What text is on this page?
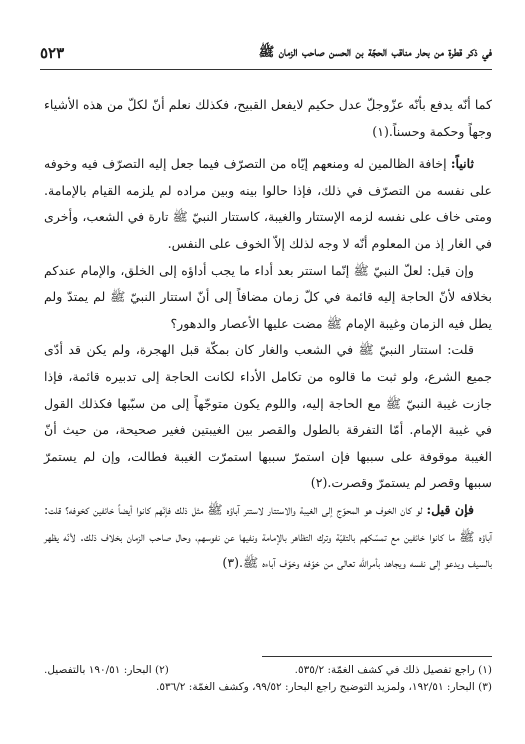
في ذكر قطرة من بحار مناقب الحجّة بن الحسن صاحب الزمان ﷺ
٥٢٣

كما أنّه يدفع بأنّه عزّوجلّ عدل حكيم لايفعل القبيح، فكذلك نعلم أنّ لكلّ من هذه الأشياء وجهاً وحكمة وحسناً.(١)

ثانياً: إخافة الظالمين له ومنعهم إيّاه من التصرّف فيما جعل إليه التصرّف فيه وخوفه على نفسه من التصرّف في ذلك، فإذا حالوا بينه وبين مراده لم يلزمه القيام بالإمامة. ومتى خاف على نفسه لزمه الإستتار والغيبة، كاستتار النبيّ ﷺ تارة في الشعب، وأخرى في الغار إذ من المعلوم أنّه لا وجه لذلك إلاّ الخوف على النفس.

وإن قيل: لعلّ النبيّ ﷺ إنّما استتر بعد أداء ما يجب أداؤه إلى الخلق، والإمام عندكم بخلافه لأنّ الحاجة إليه قائمة في كلّ زمان مضافاً إلى أنّ استتار النبيّ ﷺ لم يمتدّ ولم يطل فيه الزمان وغيبة الإمام ﷺ مضت عليها الأعصار والدهور؟

قلت: استتار النبيّ ﷺ في الشعب والغار كان بمكّة قبل الهجرة، ولم يكن قد أدّى جميع الشرع، ولو ثبت ما قالوه من تكامل الأداء لكانت الحاجة إلى تدبيره قائمة، فإذا جازت غيبة النبيّ ﷺ مع الحاجة إليه، واللوم يكون متوجّهاً إلى من سبّبها فكذلك القول في غيبة الإمام. أمّا التفرقة بالطول والقصر بين الغيبتين فغير صحيحة، من حيث أنّ الغيبة موقوفة على سببها فإن استمرّ سببها استمرّت الغيبة فطالت، وإن لم يستمرّ سببها وقصر لم يستمرّ وقصرت.(٢)

فإن قيل: لو كان الخوف هو المحوّج إلى الغيبة والاستتار لاستتر آباؤه ﷺ مثل ذلك فإنّهم كانوا أيضاً خائفين كخوفه؟ قلت: آباؤه ﷺ ما كانوا خائفين مع تمسّكهم بالتقيّة وترك التظاهر بالإمامة ونفيها عن نفوسهم، وحال صاحب الزمان بخلاف ذلك. لأنّه يظهر بالسيف ويدعو إلى نفسه ويجاهد بأمرالله تعالى من خوّفه وخوّف آباءه ﷺ.(٣)

(١) راجع تفصيل ذلك في كشف الغمّة: ٥٣٥/٢.
(٢) البحار: ١٩٠/٥١ بالتفصيل.
(٣) البحار: ١٩٢/٥١، ولمزيد التوضيح راجع البحار: ٩٩/٥٢، وكشف الغمّة: ٥٣٦/٢.
